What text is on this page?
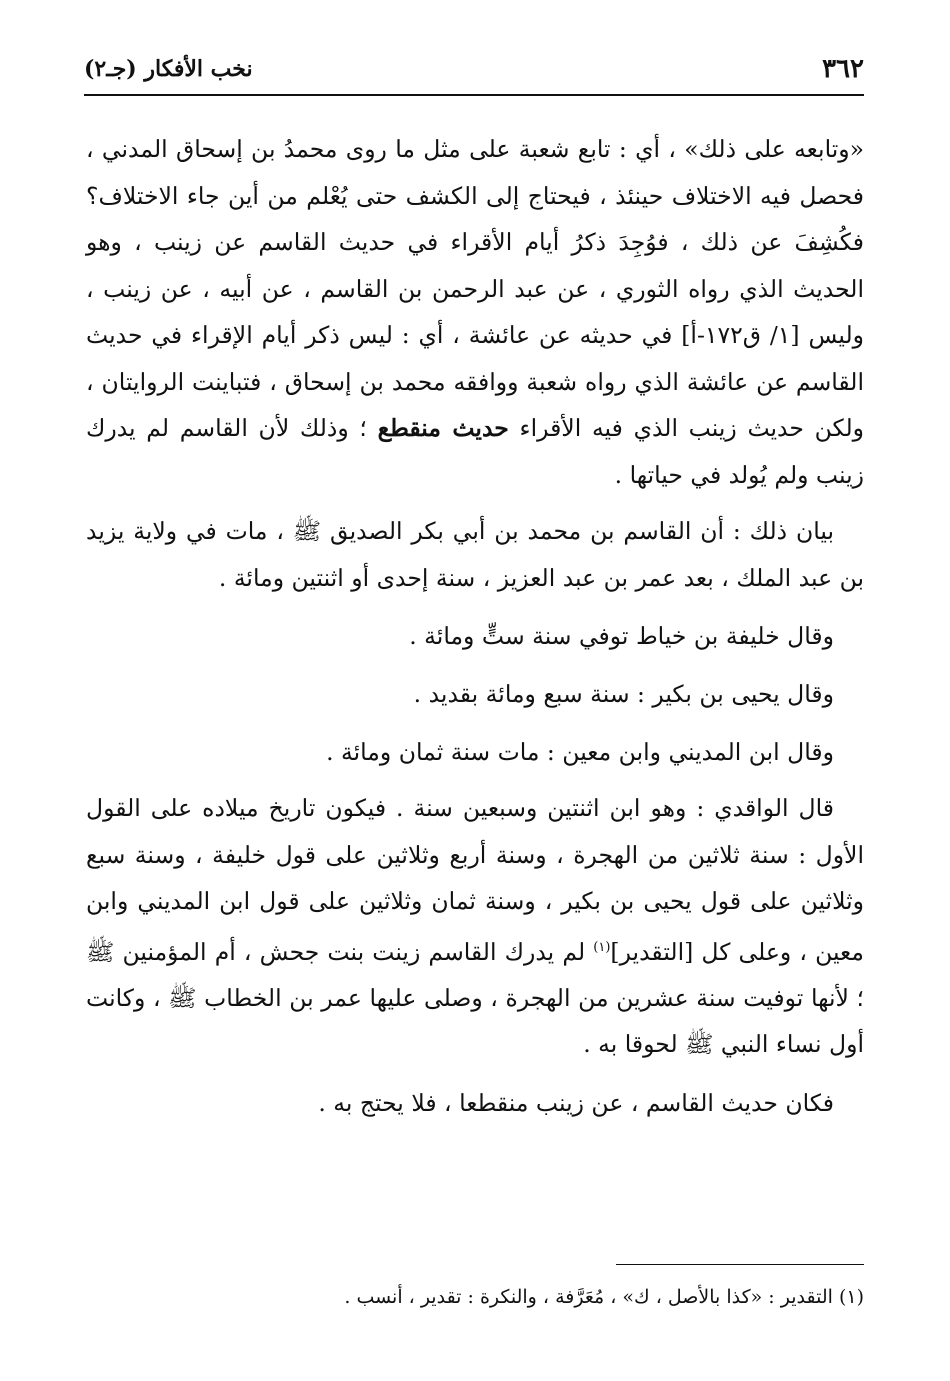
٣٦٢
نخب الأفكار (جـ٢)

«وتابعه على ذلك» ، أي : تابع شعبة على مثل ما روى محمدُ بن إسحاق المدني ، فحصل فيه الاختلاف حينئذ ، فيحتاج إلى الكشف حتى يُعْلم من أين جاء الاختلاف؟ فكُشِفَ عن ذلك ، فوُجِدَ ذكرُ أيام الأقراء في حديث القاسم عن زينب ، وهو الحديث الذي رواه الثوري ، عن عبد الرحمن بن القاسم ، عن أبيه ، عن زينب ، وليس [١/ ق١٧٢-أ] في حديثه عن عائشة ، أي : ليس ذكر أيام الإقراء في حديث القاسم عن عائشة الذي رواه شعبة ووافقه محمد بن إسحاق ، فتباينت الروايتان ، ولكن حديث زينب الذي فيه الأقراء حديث منقطع ؛ وذلك لأن القاسم لم يدرك زينب ولم يُولد في حياتها .

بيان ذلك : أن القاسم بن محمد بن أبي بكر الصديق ﷺ ، مات في ولاية يزيد بن عبد الملك ، بعد عمر بن عبد العزيز ، سنة إحدى أو اثنتين ومائة .

وقال خليفة بن خياط توفي سنة ستٍّ ومائة .

وقال يحيى بن بكير : سنة سبع ومائة بقديد .

وقال ابن المديني وابن معين : مات سنة ثمان ومائة .

قال الواقدي : وهو ابن اثنتين وسبعين سنة . فيكون تاريخ ميلاده على القول الأول : سنة ثلاثين من الهجرة ، وسنة أربع وثلاثين على قول خليفة ، وسنة سبع وثلاثين على قول يحيى بن بكير ، وسنة ثمان وثلاثين على قول ابن المديني وابن معين ، وعلى كل [التقدير]$^{(١)}$ لم يدرك القاسم زينت بنت جحش ، أم المؤمنين ﷺ ؛ لأنها توفيت سنة عشرين من الهجرة ، وصلى عليها عمر بن الخطاب ﷺ ، وكانت أول نساء النبي ﷺ لحوقا به .

فكان حديث القاسم ، عن زينب منقطعا ، فلا يحتج به .

(١) التقدير : «كذا بالأصل ، ك» ، مُعَرَّفة ، والنكرة : تقدير ، أنسب .
